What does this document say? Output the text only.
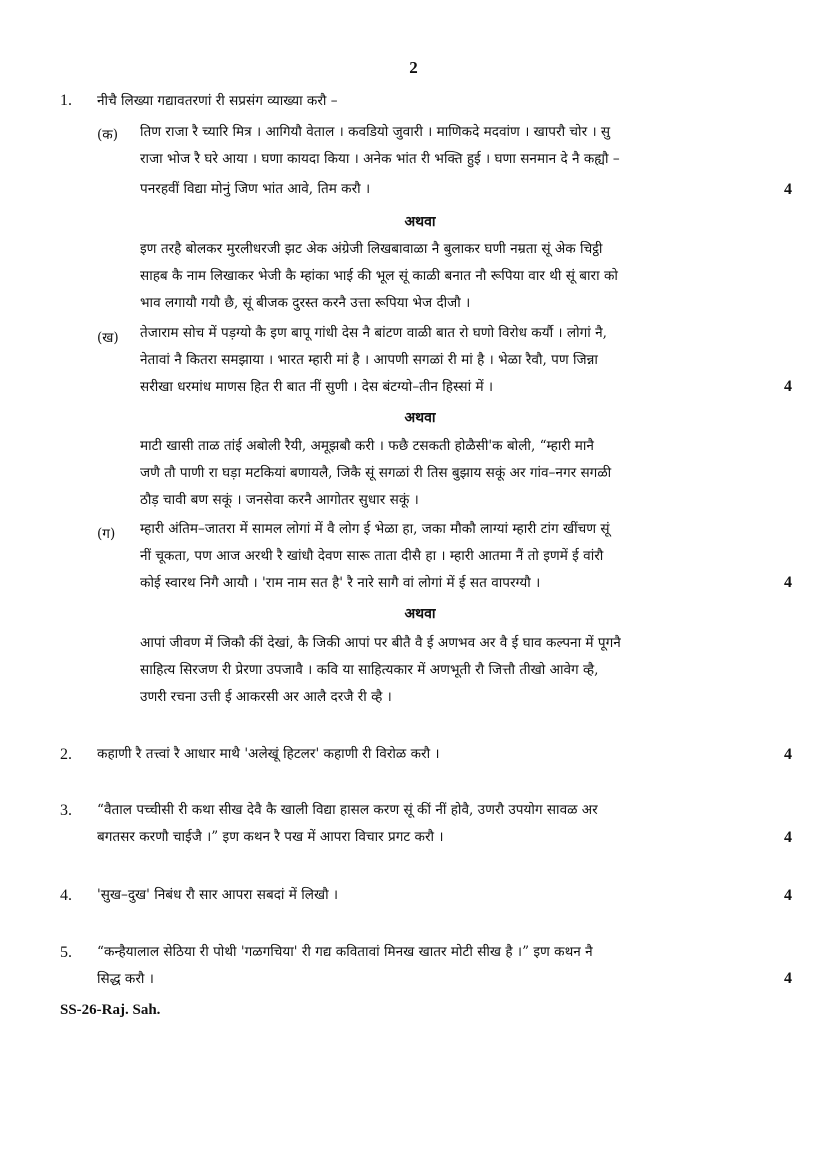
2
1. नीचै लिख्या गद्यावतरणां री सप्रसंग व्याख्या करौ –
(क) तिण राजा रै च्यारि मित्र । आगियौ वेताल । कवडियो जुवारी । माणिकदे मदवांण । खापरौ चोर । सु
राजा भोज रै घरे आया । घणा कायदा किया । अनेक भांत री भक्ति हुई । घणा सनमान दे नै कह्यौ –
पनरहवीं विद्या मोनुं जिण भांत आवे, तिम करौ ।	4
अथवा
इण तरहै बोलकर मुरलीधरजी झट अेक अंग्रेजी लिखबावाळा नै बुलाकर घणी नम्रता सूं अेक चिट्ठी
साहब कै नाम लिखाकर भेजी कै म्हांका भाई की भूल सूं काळी बनात नौ रूपिया वार थी सूं बारा को
भाव लगायौ गयौ छै, सूं बीजक दुरस्त करनै उत्ता रूपिया भेज दीजौ ।
(ख) तेजाराम सोच में पड़ग्यो कै इण बापू गांधी देस नै बांटण वाळी बात रो घणो विरोध कर्यौ । लोगां नै,
नेतावां नै कितरा समझाया । भारत म्हारी मां है । आपणी सगळां री मां है । भेळा रैवौ, पण जिन्ना
सरीखा धरमांध माणस हित री बात नीं सुणी । देस बंटग्यो–तीन हिस्सां में ।	4
अथवा
माटी खासी ताळ तांई अबोली रैयी, अमूझबौ करी । फछै टसकती होळैसी'क बोली, “म्हारी मानै
जणै तौ पाणी रा घड़ा मटकियां बणायलै, जिकै सूं सगळां री तिस बुझाय सकूं अर गांव–नगर सगळी
ठौड़ चावी बण सकूं । जनसेवा करनै आगोतर सुधार सकूं ।
(ग) म्हारी अंतिम–जातरा में सामल लोगां में वै लोग ई भेळा हा, जका मौकौ लाग्यां म्हारी टांग खींचण सूं
नीं चूकता, पण आज अरथी रै खांधौ देवण सारू ताता दीसै हा । म्हारी आतमा नैं तो इणमें ई वांरौ
कोई स्वारथ निगै आयौ । 'राम नाम सत है' रै नारे सागै वां लोगां में ई सत वापरग्यौ ।	4
अथवा
आपां जीवण में जिकौ कीं देखां, कै जिकी आपां पर बीतै वै ई अणभव अर वै ई घाव कल्पना में पूगनै
साहित्य सिरजण री प्रेरणा उपजावै । कवि या साहित्यकार में अणभूती रौ जित्तौ तीखो आवेग व्है,
उणरी रचना उत्ती ई आकरसी अर आलै दरजै री व्है ।
2. कहाणी रै तत्त्वां रै आधार माथै 'अलेखूं हिटलर' कहाणी री विरोळ करौ ।	4
3. “वैताल पच्चीसी री कथा सीख देवै कै खाली विद्या हासल करण सूं कीं नीं होवै, उणरौ उपयोग सावळ अर
बगतसर करणौ चाईजै ।” इण कथन रै पख में आपरा विचार प्रगट करौ ।	4
4. 'सुख–दुख' निबंध रौ सार आपरा सबदां में लिखौ ।	4
5. “कन्हैयालाल सेठिया री पोथी 'गळगचिया' री गद्य कवितावां मिनख खातर मोटी सीख है ।” इण कथन नै
सिद्ध करौ ।	4
SS-26-Raj. Sah.
